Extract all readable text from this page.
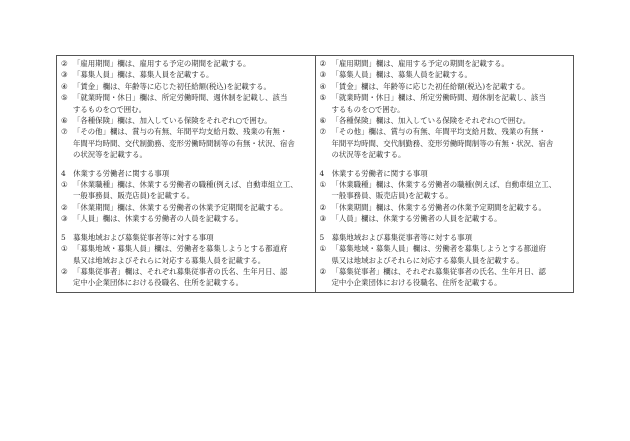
② 「雇用期間」欄は、雇用する予定の期間を記載する。
③ 「募集人員」欄は、募集人員を記載する。
④ 「賃金」欄は、年齢等に応じた初任給額(税込)を記載する。
⑤ 「就業時間・休日」欄は、所定労働時間、週休制を記載し、該当
するものを○で囲む。
⑥ 「各種保険」欄は、加入している保険をそれぞれ○で囲む。
⑦ 「その他」欄は、賞与の有無、年間平均支給月数、残業の有無・
年間平均時間、交代制勤務、変形労働時間制等の有無・状況、宿舎
の状況等を記載する。
4　休業する労働者に関する事項
① 「休業職種」欄は、休業する労働者の職種(例えば、自動車組立工、
一般事務員、販売店員)を記載する。
② 「休業期間」欄は、休業する労働者の休業予定期間を記載する。
③ 「人員」欄は、休業する労働者の人員を記載する。
5　募集地域および募集従事者等に対する事項
① 「募集地域・募集人員」欄は、労働者を募集しようとする都道府
県又は地域およびそれらに対応する募集人員を記載する。
② 「募集従事者」欄は、それぞれ募集従事者の氏名、生年月日、認
定中小企業団体における役職名、住所を記載する。

② 「雇用期間」欄は、雇用する予定の期間を記載する。
③ 「募集人員」欄は、募集人員を記載する。
④ 「賃金」欄は、年齢等に応じた初任給額(税込)を記載する。
⑤ 「就業時間・休日」欄は、所定労働時間、週休制を記載し、該当
するものを○で囲む。
⑥ 「各種保険」欄は、加入している保険をそれぞれ○で囲む。
⑦ 「その他」欄は、賞与の有無、年間平均支給月数、残業の有無・
年間平均時間、交代制勤務、変形労働時間制等の有無・状況、宿舎
の状況等を記載する。
4　休業する労働者に関する事項
① 「休業職種」欄は、休業する労働者の職種(例えば、自動車組立工、
一般事務員、販売店員)を記載する。
② 「休業期間」欄は、休業する労働者の休業予定期間を記載する。
③ 「人員」欄は、休業する労働者の人員を記載する。
5　募集地域および募集従事者等に対する事項
① 「募集地域・募集人員」欄は、労働者を募集しようとする都道府
県又は地域およびそれらに対応する募集人員を記載する。
② 「募集従事者」欄は、それぞれ募集従事者の氏名、生年月日、認
定中小企業団体における役職名、住所を記載する。
